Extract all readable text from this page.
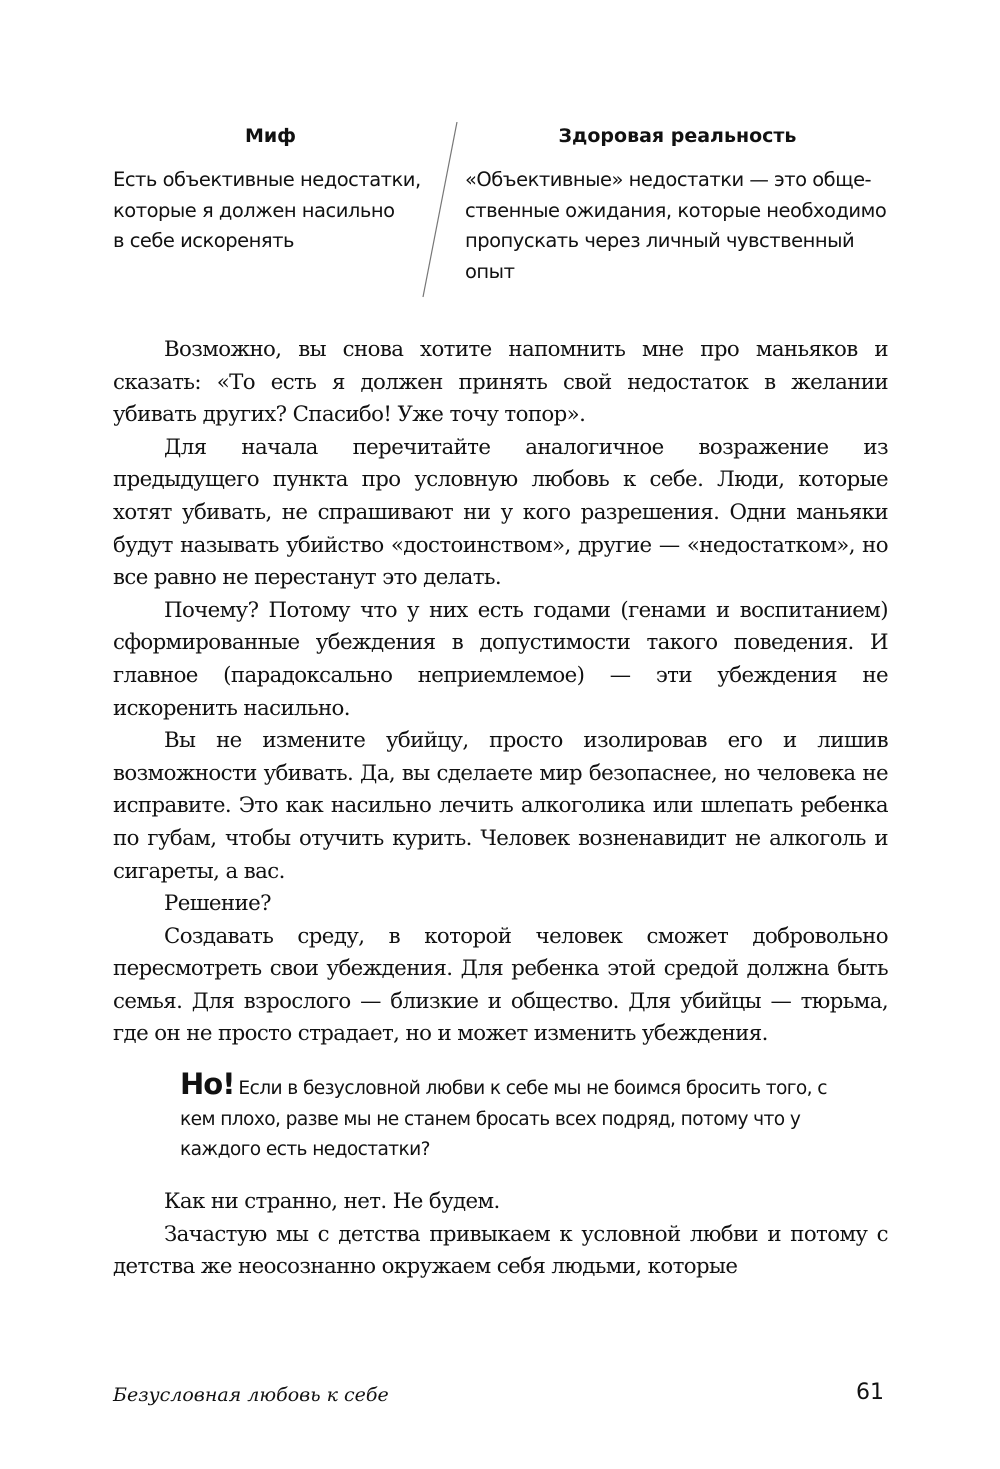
Миф

Есть объективные недостатки,
которые я должен насильно
в себе искоренять

Здоровая реальность

«Объективные» недостатки — это обще-
ственные ожидания, которые необходимо
пропускать через личный чувственный
опыт

Возможно, вы снова хотите напомнить мне про маньяков и сказать: «То есть я должен принять свой недостаток в желании убивать других? Спасибо! Уже точу топор».

Для начала перечитайте аналогичное возражение из предыдущего пункта про условную любовь к себе. Люди, которые хотят убивать, не спрашивают ни у кого разрешения. Одни маньяки будут называть убийство «достоинством», другие — «недостатком», но все равно не перестанут это делать.

Почему? Потому что у них есть годами (генами и воспитанием) сформированные убеждения в допустимости такого поведения. И главное (парадоксально неприемлемое) — эти убеждения не искоренить насильно.

Вы не измените убийцу, просто изолировав его и лишив возможности убивать. Да, вы сделаете мир безопаснее, но человека не исправите. Это как насильно лечить алкоголика или шлепать ребенка по губам, чтобы отучить курить. Человек возненавидит не алкоголь и сигареты, а вас.

Решение?

Создавать среду, в которой человек сможет добровольно пересмотреть свои убеждения. Для ребенка этой средой должна быть семья. Для взрослого — близкие и общество. Для убийцы — тюрьма, где он не просто страдает, но и может изменить убеждения.

Но! Если в безусловной любви к себе мы не боимся бросить того, с кем плохо, разве мы не станем бросать всех подряд, потому что у каждого есть недостатки?

Как ни странно, нет. Не будем.

Зачастую мы с детства привыкаем к условной любви и потому с детства же неосознанно окружаем себя людьми, которые

Безусловная любовь к себе	61
